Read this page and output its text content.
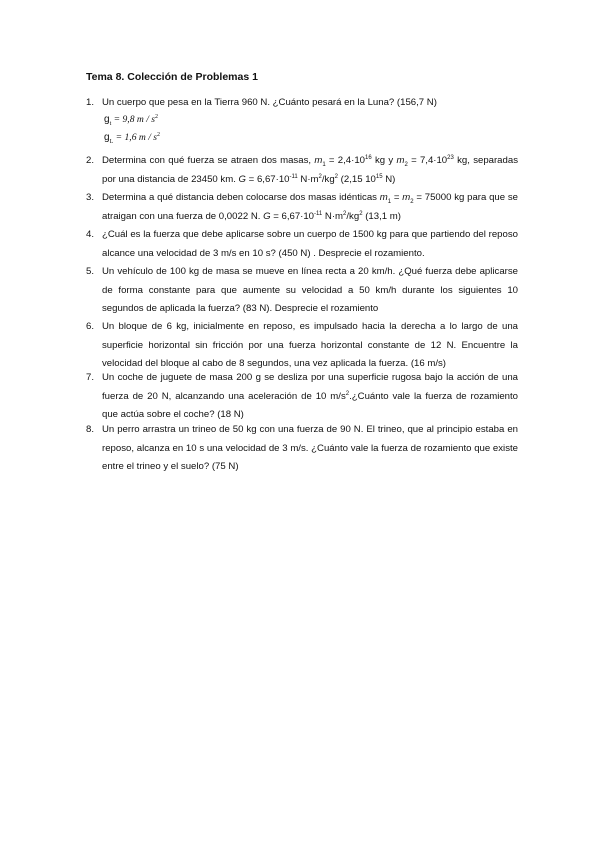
Tema 8. Colección de Problemas 1
1. Un cuerpo que pesa en la Tierra 960 N. ¿Cuánto pesará en la Luna? (156,7 N)
$g_t = 9,8$ m / $s^2$
$g_L = 1,6$ m / $s^2$
2. Determina con qué fuerza se atraen dos masas, $m_1 = 2,4\cdot 10^{16}$ kg y $m_2 = 7,4\cdot 10^{23}$ kg, separadas por una distancia de 23450 km. $G = 6,67\cdot 10^{-11}$ $N\cdot m^2/kg^2$ (2,15 $10^{15}$ N)
3. Determina a qué distancia deben colocarse dos masas idénticas $m_1 = m_2 = 75000$ kg para que se atraigan con una fuerza de 0,0022 N. $G = 6,67\cdot 10^{-11}$ $N\cdot m^2/kg^2$ (13,1 m)
4. ¿Cuál es la fuerza que debe aplicarse sobre un cuerpo de 1500 kg para que partiendo del reposo alcance una velocidad de 3 m/s en 10 s? (450 N) . Desprecie el rozamiento.
5. Un vehículo de 100 kg de masa se mueve en línea recta a 20 km/h. ¿Qué fuerza debe aplicarse de forma constante para que aumente su velocidad a 50 km/h durante los siguientes 10 segundos de aplicada la fuerza? (83 N). Desprecie el rozamiento
6. Un bloque de 6 kg, inicialmente en reposo, es impulsado hacia la derecha a lo largo de una superficie horizontal sin fricción por una fuerza horizontal constante de 12 N. Encuentre la velocidad del bloque al cabo de 8 segundos, una vez aplicada la fuerza. (16 m/s)
7. Un coche de juguete de masa 200 g se desliza por una superficie rugosa bajo la acción de una fuerza de 20 N, alcanzando una aceleración de 10 $m/s^2.¿Cuánto$ vale la fuerza de rozamiento que actúa sobre el coche? (18 N)
8. Un perro arrastra un trineo de 50 kg con una fuerza de 90 N. El trineo, que al principio estaba en reposo, alcanza en 10 s una velocidad de 3 m/s. ¿Cuánto vale la fuerza de rozamiento que existe entre el trineo y el suelo? (75 N)
